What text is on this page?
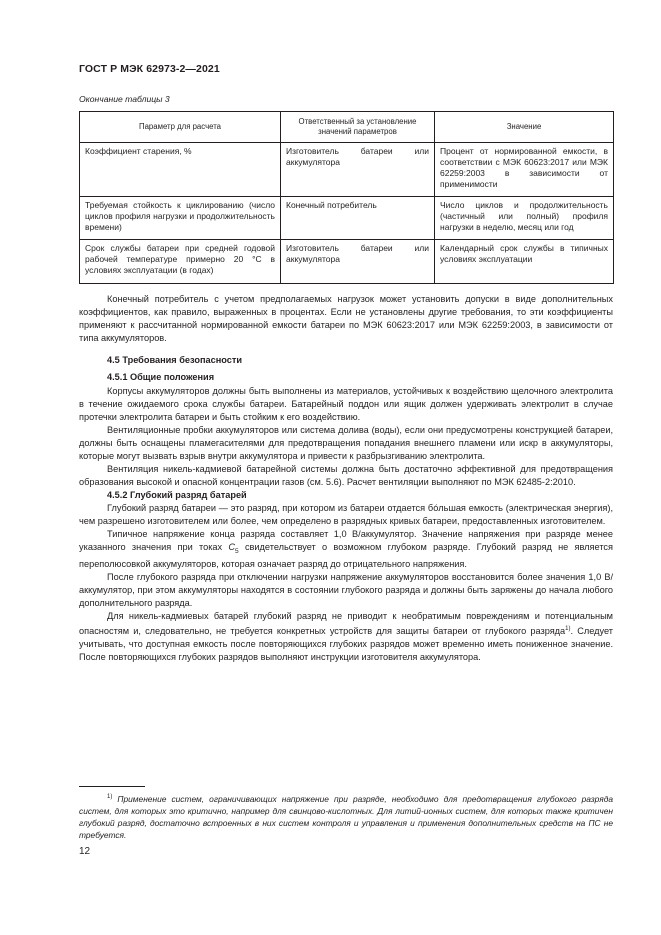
ГОСТ Р МЭК 62973-2—2021
Окончание таблицы 3
Параметр для расчета	Ответственный за установление значений параметров	Значение
Коэффициент старения, %	Изготовитель батареи или аккумулятора	Процент от нормированной емкости, в соответствии с МЭК 60623:2017 или МЭК 62259:2003 в зависимости от применимости
Требуемая стойкость к циклированию (число циклов профиля нагрузки и продолжительность времени)	Конечный потребитель	Число циклов и продолжительность (частичный или полный) профиля нагрузки в неделю, месяц или год
Срок службы батареи при средней годовой рабочей температуре примерно 20 °С в условиях эксплуатации (в годах)	Изготовитель батареи или аккумулятора	Календарный срок службы в типичных условиях эксплуатации

Конечный потребитель с учетом предполагаемых нагрузок может установить допуски в виде дополнительных коэффициентов, как правило, выраженных в процентах. Если не установлены другие требования, то эти коэффициенты применяют к рассчитанной нормированной емкости батареи по МЭК 60623:2017 или МЭК 62259:2003, в зависимости от типа аккумуляторов.

4.5 Требования безопасности

4.5.1 Общие положения

Корпусы аккумуляторов должны быть выполнены из материалов, устойчивых к воздействию щелочного электролита в течение ожидаемого срока службы батареи. Батарейный поддон или ящик должен удерживать электролит в случае протечки электролита батареи и быть стойким к его воздействию.

Вентиляционные пробки аккумуляторов или система долива (воды), если они предусмотрены конструкцией батареи, должны быть оснащены пламегасителями для предотвращения попадания внешнего пламени или искр в аккумуляторы, которые могут вызвать взрыв внутри аккумулятора и привести к разбрызгиванию электролита.

Вентиляция никель-кадмиевой батарейной системы должна быть достаточно эффективной для предотвращения образования высокой и опасной концентрации газов (см. 5.6). Расчет вентиляции выполняют по МЭК 62485-2:2010.

4.5.2 Глубокий разряд батарей

Глубокий разряд батареи — это разряд, при котором из батареи отдается бóльшая емкость (электрическая энергия), чем разрешено изготовителем или более, чем определено в разрядных кривых батареи, предоставленных изготовителем.

Типичное напряжение конца разряда составляет 1,0 В/аккумулятор. Значение напряжения при разряде менее указанного значения при токах $C_5$ свидетельствует о возможном глубоком разряде. Глубокий разряд не является переполюсовкой аккумуляторов, которая означает разряд до отрицательного напряжения.

После глубокого разряда при отключении нагрузки напряжение аккумуляторов восстановится более значения 1,0 В/аккумулятор, при этом аккумуляторы находятся в состоянии глубокого разряда и должны быть заряжены до начала любого дополнительного разряда.

Для никель-кадмиевых батарей глубокий разряд не приводит к необратимым повреждениям и потенциальным опасностям и, следовательно, не требуется конкретных устройств для защиты батареи от глубокого разряда$^{1)}$. Следует учитывать, что доступная емкость после повторяющихся глубоких разрядов может временно иметь пониженное значение. После повторяющихся глубоких разрядов выполняют инструкции изготовителя аккумулятора.

$^{1)}$ Применение систем, ограничивающих напряжение при разряде, необходимо для предотвращения глубокого разряда систем, для которых это критично, например для свинцово-кислотных. Для литий-ионных систем, для которых также критичен глубокий разряд, достаточно встроенных в них систем контроля и управления и применения дополнительных средств на ПС не требуется.
12
